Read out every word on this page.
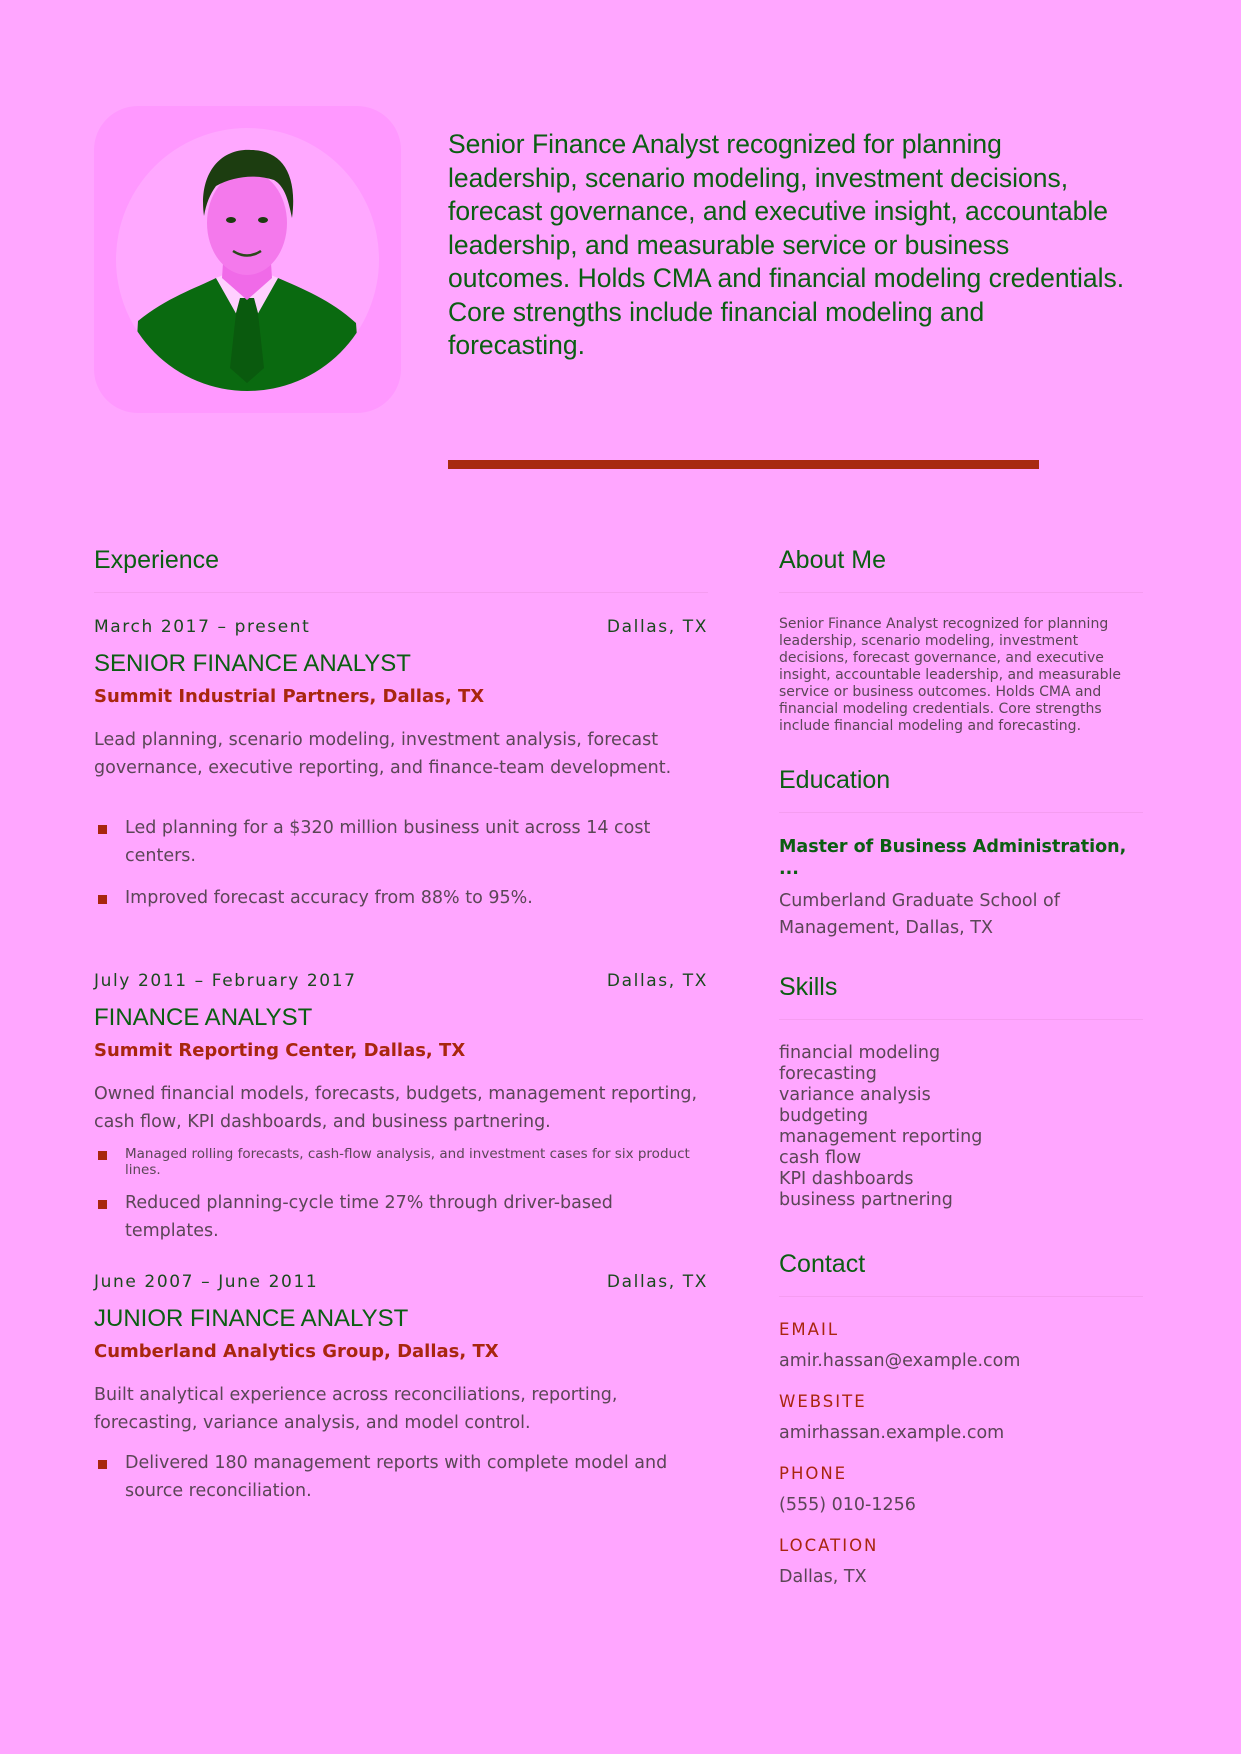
Senior Finance Analyst recognized for planning leadership, scenario modeling, investment decisions, forecast governance, and executive insight, accountable leadership, and measurable service or business outcomes. Holds CMA and financial modeling credentials. Core strengths include financial modeling and forecasting.
Experience
March 2017 – present	Dallas, TX
SENIOR FINANCE ANALYST
Summit Industrial Partners, Dallas, TX
Lead planning, scenario modeling, investment analysis, forecast governance, executive reporting, and finance-team development.
Led planning for a $320 million business unit across 14 cost centers.
Improved forecast accuracy from 88% to 95%.
July 2011 – February 2017	Dallas, TX
FINANCE ANALYST
Summit Reporting Center, Dallas, TX
Owned financial models, forecasts, budgets, management reporting, cash flow, KPI dashboards, and business partnering.
Managed rolling forecasts, cash-flow analysis, and investment cases for six product lines.
Reduced planning-cycle time 27% through driver-based templates.
June 2007 – June 2011	Dallas, TX
JUNIOR FINANCE ANALYST
Cumberland Analytics Group, Dallas, TX
Built analytical experience across reconciliations, reporting, forecasting, variance analysis, and model control.
Delivered 180 management reports with complete model and source reconciliation.
About Me
Senior Finance Analyst recognized for planning leadership, scenario modeling, investment decisions, forecast governance, and executive insight, accountable leadership, and measurable service or business outcomes. Holds CMA and financial modeling credentials. Core strengths include financial modeling and forecasting.
Education
Master of Business Administration, ...
Cumberland Graduate School of Management, Dallas, TX
Skills
financial modeling
forecasting
variance analysis
budgeting
management reporting
cash flow
KPI dashboards
business partnering
Contact
EMAIL
amir.hassan@example.com
WEBSITE
amirhassan.example.com
PHONE
(555) 010-1256
LOCATION
Dallas, TX
